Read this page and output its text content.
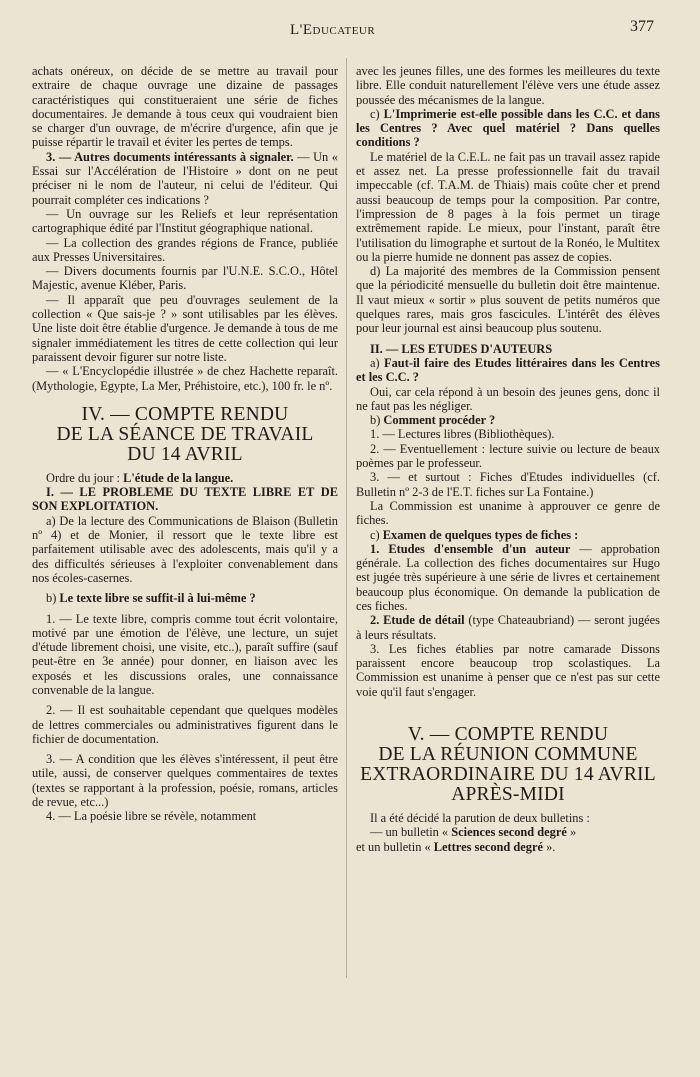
L'Educateur	377

achats onéreux, on décide de se mettre au travail pour extraire de chaque ouvrage une dizaine de passages caractéristiques qui constitueraient une série de fiches documentaires. Je demande à tous ceux qui voudraient bien se charger d'un ouvrage, de m'écrire d'urgence, afin que je puisse répartir le travail et éviter les pertes de temps.

3. — Autres documents intéressants à signaler. — Un « Essai sur l'Accélération de l'Histoire » dont on ne peut préciser ni le nom de l'auteur, ni celui de l'éditeur. Qui pourrait compléter ces indications ?

— Un ouvrage sur les Reliefs et leur représentation cartographique édité par l'Institut géographique national.

— La collection des grandes régions de France, publiée aux Presses Universitaires.

— Divers documents fournis par l'U.N.E. S.C.O., Hôtel Majestic, avenue Kléber, Paris.

— Il apparaît que peu d'ouvrages seulement de la collection « Que sais-je ? » sont utilisables par les élèves. Une liste doit être établie d'urgence. Je demande à tous de me signaler immédiatement les titres de cette collection qui leur paraissent devoir figurer sur notre liste.

— « L'Encyclopédie illustrée » de chez Hachette reparaît. (Mythologie, Egypte, La Mer, Préhistoire, etc.), 100 fr. le nº.

IV. — COMPTE RENDU
DE LA SÉANCE DE TRAVAIL
DU 14 AVRIL

Ordre du jour : L'étude de la langue.

I. — LE PROBLEME DU TEXTE LIBRE ET DE SON EXPLOITATION.

a) De la lecture des Communications de Blaison (Bulletin nº 4) et de Monier, il ressort que le texte libre est parfaitement utilisable avec des adolescents, mais qu'il y a des difficultés sérieuses à l'exploiter convenablement dans nos écoles-casernes.

b) Le texte libre se suffit-il à lui-même ?

1. — Le texte libre, compris comme tout écrit volontaire, motivé par une émotion de l'élève, une lecture, un sujet d'étude librement choisi, une visite, etc..), paraît suffire (sauf peut-être en 3e année) pour donner, en liaison avec les exposés et les discussions orales, une connaissance convenable de la langue.

2. — Il est souhaitable cependant que quelques modèles de lettres commerciales ou administratives figurent dans le fichier de documentation.

3. — A condition que les élèves s'intéressent, il peut être utile, aussi, de conserver quelques commentaires de textes (textes se rapportant à la profession, poésie, romans, articles de revue, etc...)

4. — La poésie libre se révèle, notamment

avec les jeunes filles, une des formes les meilleures du texte libre. Elle conduit naturellement l'élève vers une étude assez poussée des mécanismes de la langue.

c) L'Imprimerie est-elle possible dans les C.C. et dans les Centres ? Avec quel matériel ? Dans quelles conditions ?

Le matériel de la C.E.L. ne fait pas un travail assez rapide et assez net. La presse professionnelle fait du travail impeccable (cf. T.A.M. de Thiais) mais coûte cher et prend aussi beaucoup de temps pour la composition. Par contre, l'impression de 8 pages à la fois permet un tirage extrêmement rapide. Le mieux, pour l'instant, paraît être l'utilisation du limographe et surtout de la Ronéo, le Multitex ou la pierre humide ne donnent pas assez de copies.

d) La majorité des membres de la Commission pensent que la périodicité mensuelle du bulletin doit être maintenue. Il vaut mieux « sortir » plus souvent de petits numéros que quelques rares, mais gros fascicules. L'intérêt des élèves pour leur journal est ainsi beaucoup plus soutenu.

II. — LES ETUDES D'AUTEURS

a) Faut-il faire des Etudes littéraires dans les Centres et les C.C. ?

Oui, car cela répond à un besoin des jeunes gens, donc il ne faut pas les négliger.

b) Comment procéder ?

1. — Lectures libres (Bibliothèques).

2. — Eventuellement : lecture suivie ou lecture de beaux poèmes par le professeur.

3. — et surtout : Fiches d'Etudes individuelles (cf. Bulletin nº 2-3 de l'E.T. fiches sur La Fontaine.)

La Commission est unanime à approuver ce genre de fiches.

c) Examen de quelques types de fiches :

1. Etudes d'ensemble d'un auteur — approbation générale. La collection des fiches documentaires sur Hugo est jugée très supérieure à une série de livres et certainement beaucoup plus économique. On demande la publication de ces fiches.

2. Etude de détail (type Chateaubriand) — seront jugées à leurs résultats.

3. Les fiches établies par notre camarade Dissons paraissent encore beaucoup trop scolastiques. La Commission est unanime à penser que ce n'est pas sur cette voie qu'il faut s'engager.

V. — COMPTE RENDU
DE LA RÉUNION COMMUNE
EXTRAORDINAIRE DU 14 AVRIL
APRÈS-MIDI

Il a été décidé la parution de deux bulletins :

— un bulletin « Sciences second degré »

et un bulletin « Lettres second degré ».
